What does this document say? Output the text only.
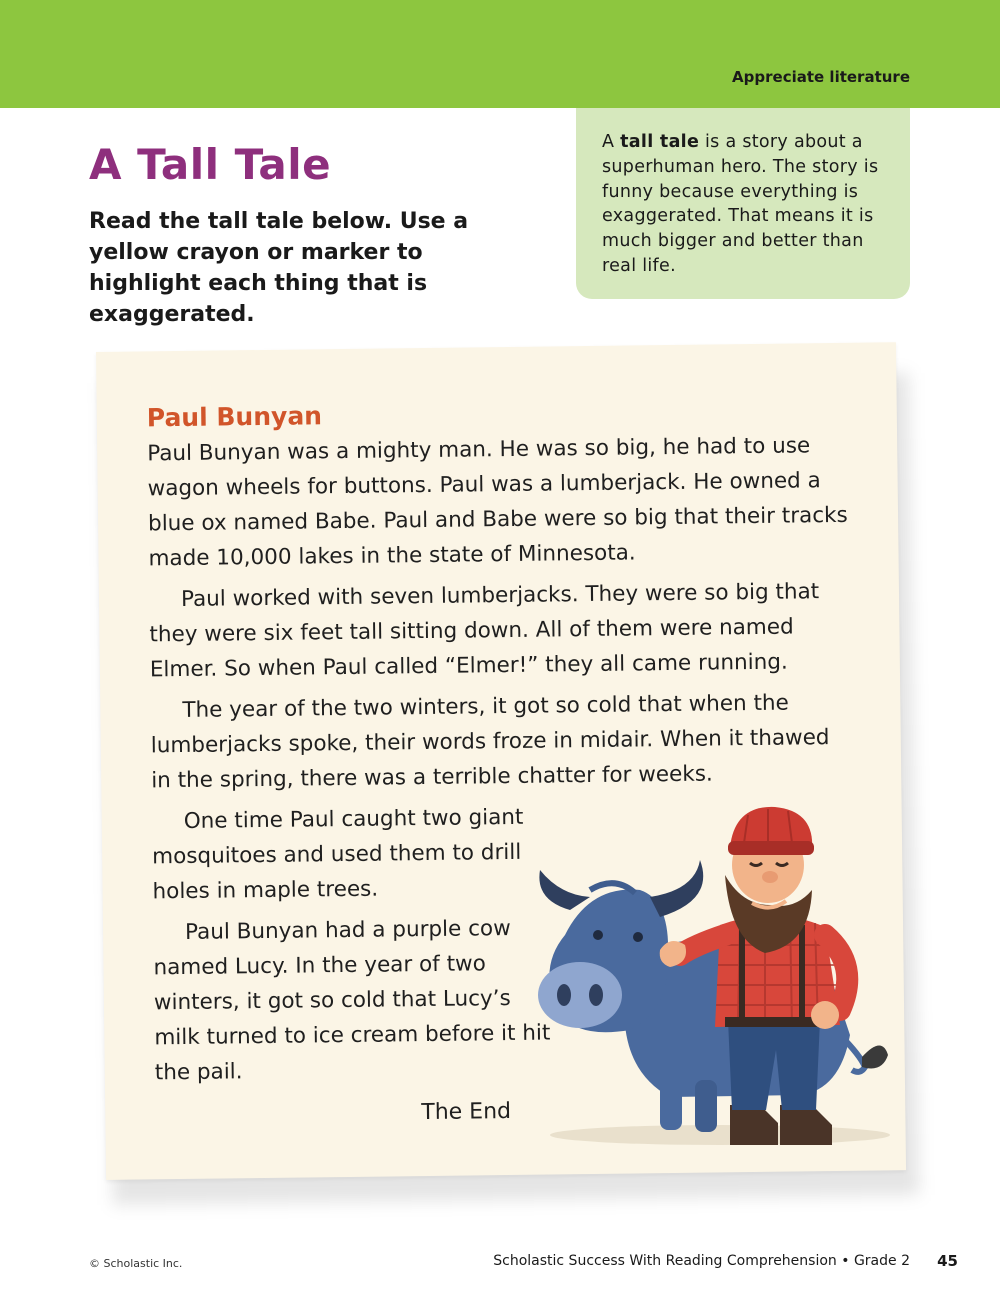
Appreciate literature
A Tall Tale

Read the tall tale below. Use a yellow crayon or marker to highlight each thing that is exaggerated.

A tall tale is a story about a superhuman hero. The story is funny because everything is exaggerated. That means it is much bigger and better than real life.

Paul Bunyan

Paul Bunyan was a mighty man. He was so big, he had to use wagon wheels for buttons. Paul was a lumberjack. He owned a blue ox named Babe. Paul and Babe were so big that their tracks made 10,000 lakes in the state of Minnesota.

Paul worked with seven lumberjacks. They were so big that they were six feet tall sitting down. All of them were named Elmer. So when Paul called “Elmer!” they all came running.

The year of the two winters, it got so cold that when the lumberjacks spoke, their words froze in midair. When it thawed in the spring, there was a terrible chatter for weeks.

One time Paul caught two giant mosquitoes and used them to drill holes in maple trees.

Paul Bunyan had a purple cow named Lucy. In the year of two winters, it got so cold that Lucy’s milk turned to ice cream before it hit the pail.

The End
© Scholastic Inc.	Scholastic Success With Reading Comprehension • Grade 2 45
